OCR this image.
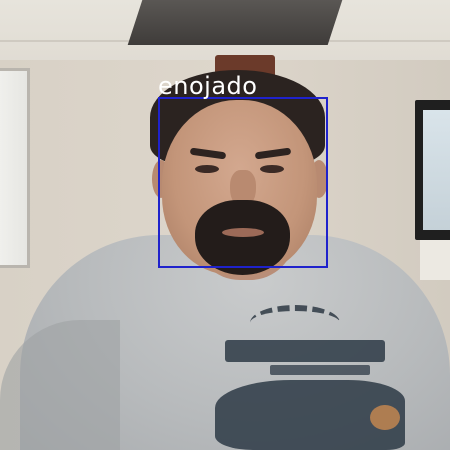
enojado
